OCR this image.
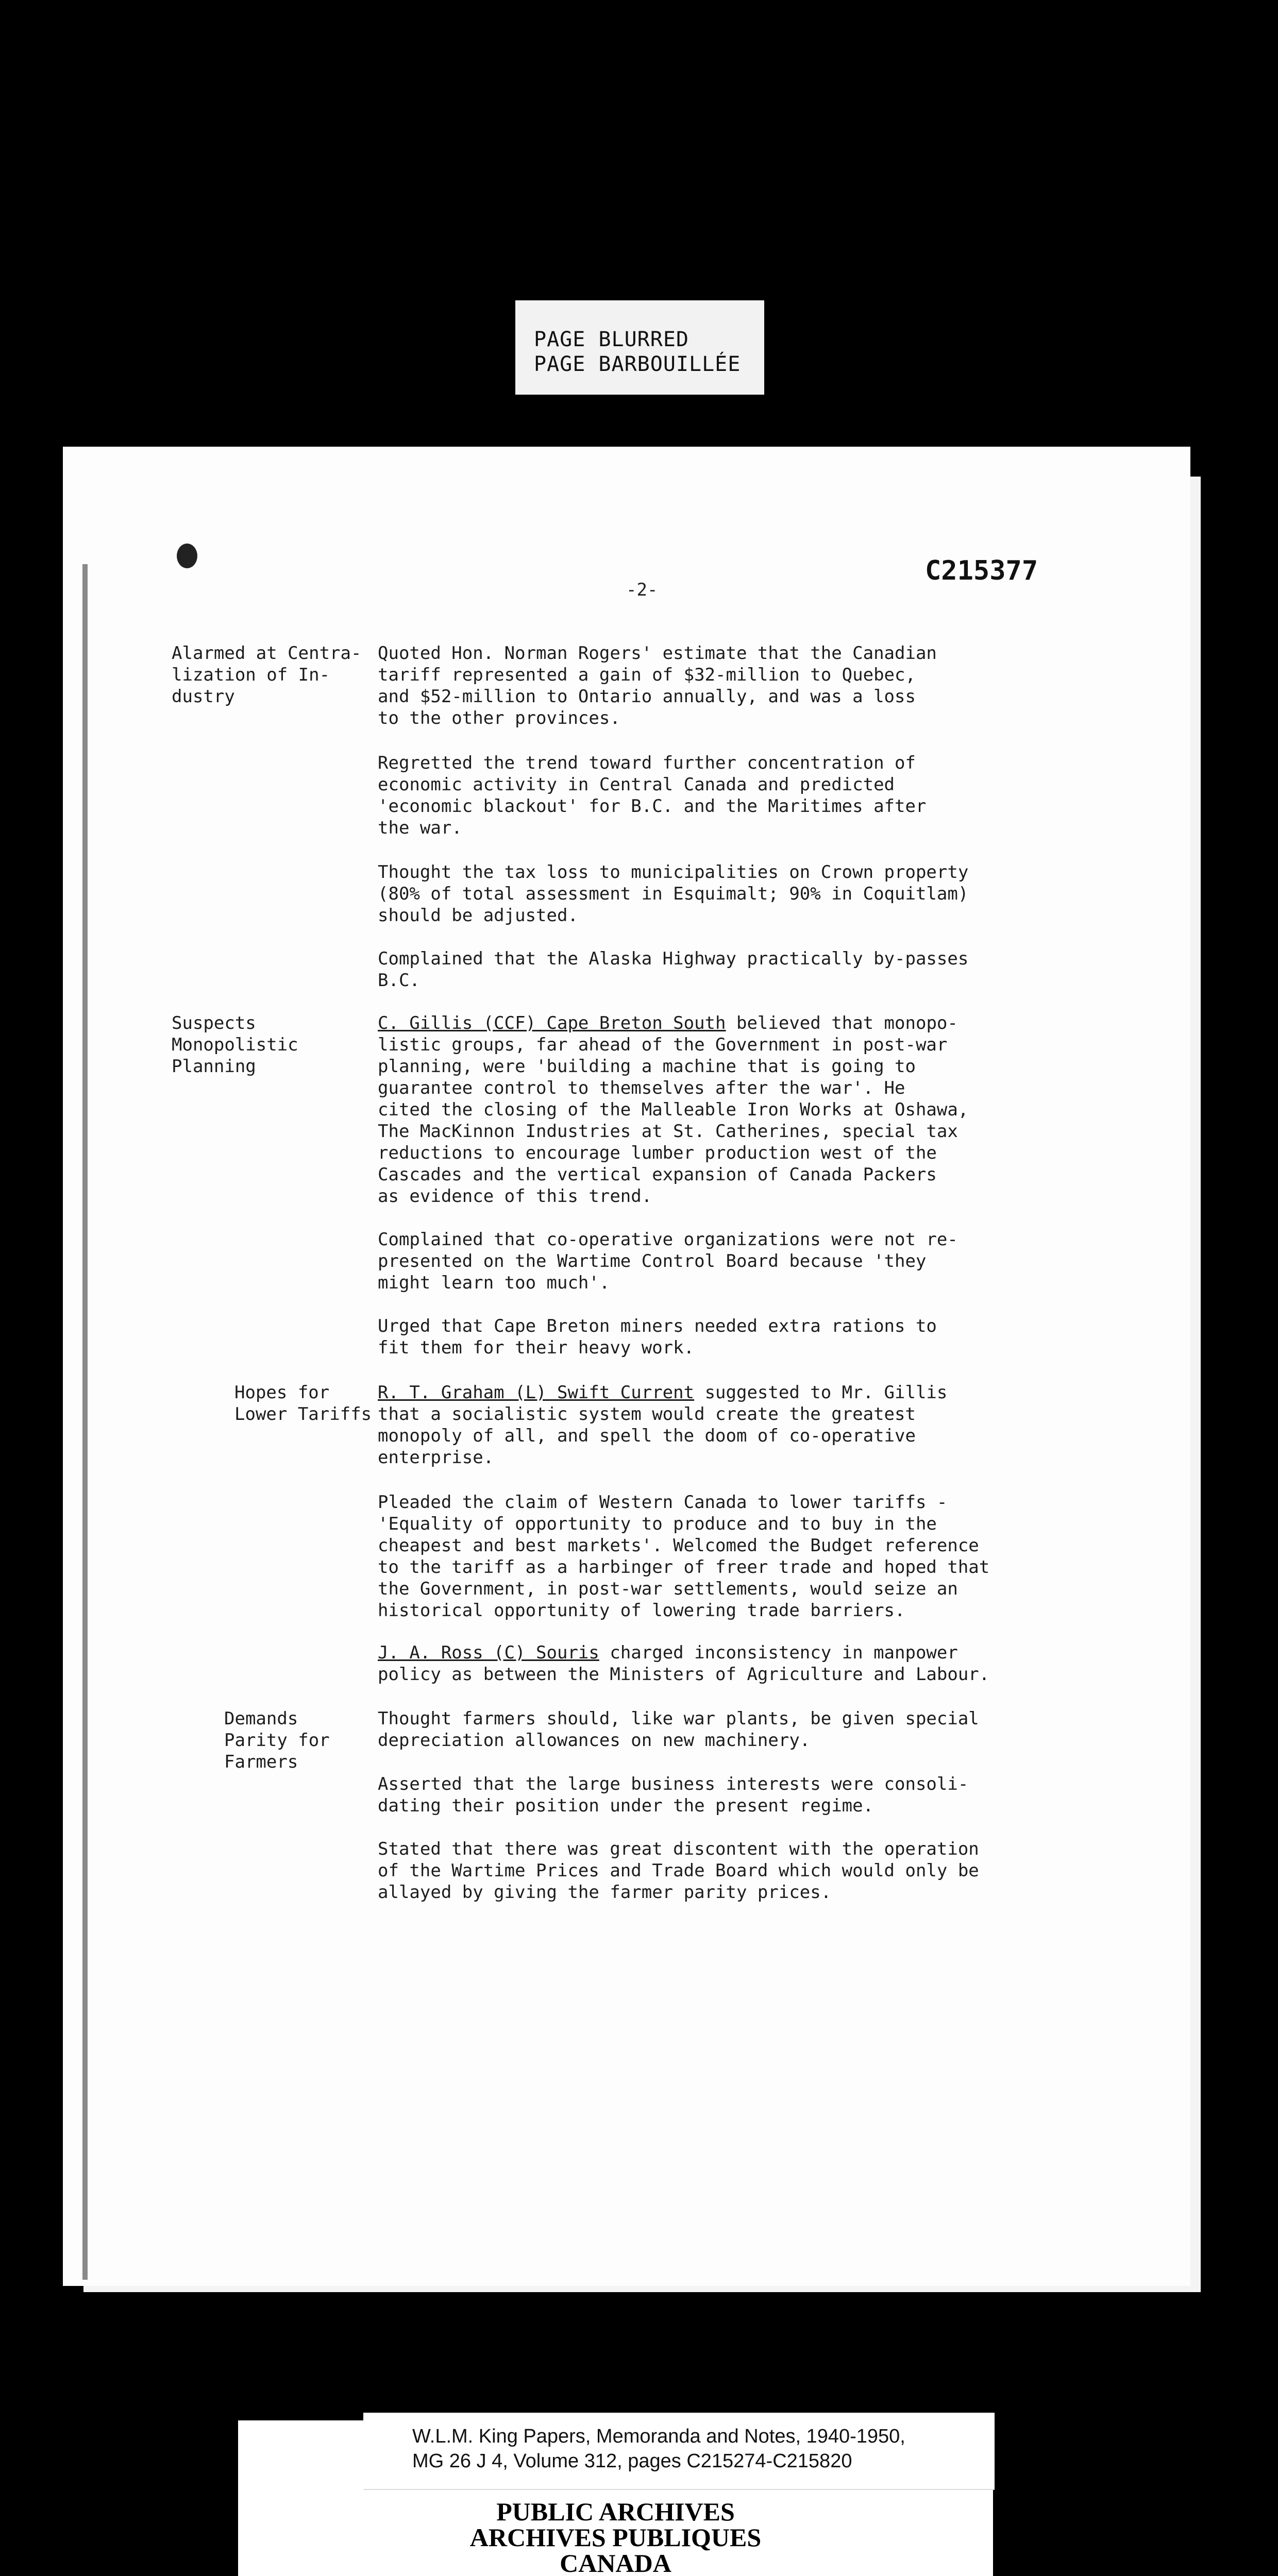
PAGE BLURRED
PAGE BARBOUILLÉE
C215377
-2-
Alarmed at Centra-
lization of In-
dustry
Quoted Hon. Norman Rogers' estimate that the Canadian
tariff represented a gain of $32-million to Quebec,
and $52-million to Ontario annually, and was a loss
to the other provinces.
Regretted the trend toward further concentration of
economic activity in Central Canada and predicted
'economic blackout' for B.C. and the Maritimes after
the war.
Thought the tax loss to municipalities on Crown property
(80% of total assessment in Esquimalt; 90% in Coquitlam)
should be adjusted.
Complained that the Alaska Highway practically by-passes
B.C.
Suspects
Monopolistic
Planning
C. Gillis (CCF) Cape Breton South believed that monopo-
listic groups, far ahead of the Government in post-war
planning, were 'building a machine that is going to
guarantee control to themselves after the war'. He
cited the closing of the Malleable Iron Works at Oshawa,
The MacKinnon Industries at St. Catherines, special tax
reductions to encourage lumber production west of the
Cascades and the vertical expansion of Canada Packers
as evidence of this trend.
Complained that co-operative organizations were not re-
presented on the Wartime Control Board because 'they
might learn too much'.
Urged that Cape Breton miners needed extra rations to
fit them for their heavy work.
Hopes for
Lower Tariffs
R. T. Graham (L) Swift Current suggested to Mr. Gillis
that a socialistic system would create the greatest
monopoly of all, and spell the doom of co-operative
enterprise.
Pleaded the claim of Western Canada to lower tariffs -
'Equality of opportunity to produce and to buy in the
cheapest and best markets'. Welcomed the Budget reference
to the tariff as a harbinger of freer trade and hoped that
the Government, in post-war settlements, would seize an
historical opportunity of lowering trade barriers.
J. A. Ross (C) Souris charged inconsistency in manpower
policy as between the Ministers of Agriculture and Labour.
Demands
Parity for
Farmers
Thought farmers should, like war plants, be given special
depreciation allowances on new machinery.
Asserted that the large business interests were consoli-
dating their position under the present regime.
Stated that there was great discontent with the operation
of the Wartime Prices and Trade Board which would only be
allayed by giving the farmer parity prices.
W.L.M. King Papers, Memoranda and Notes, 1940-1950,
MG 26 J 4, Volume 312, pages C215274-C215820
PUBLIC ARCHIVES
ARCHIVES PUBLIQUES
CANADA
